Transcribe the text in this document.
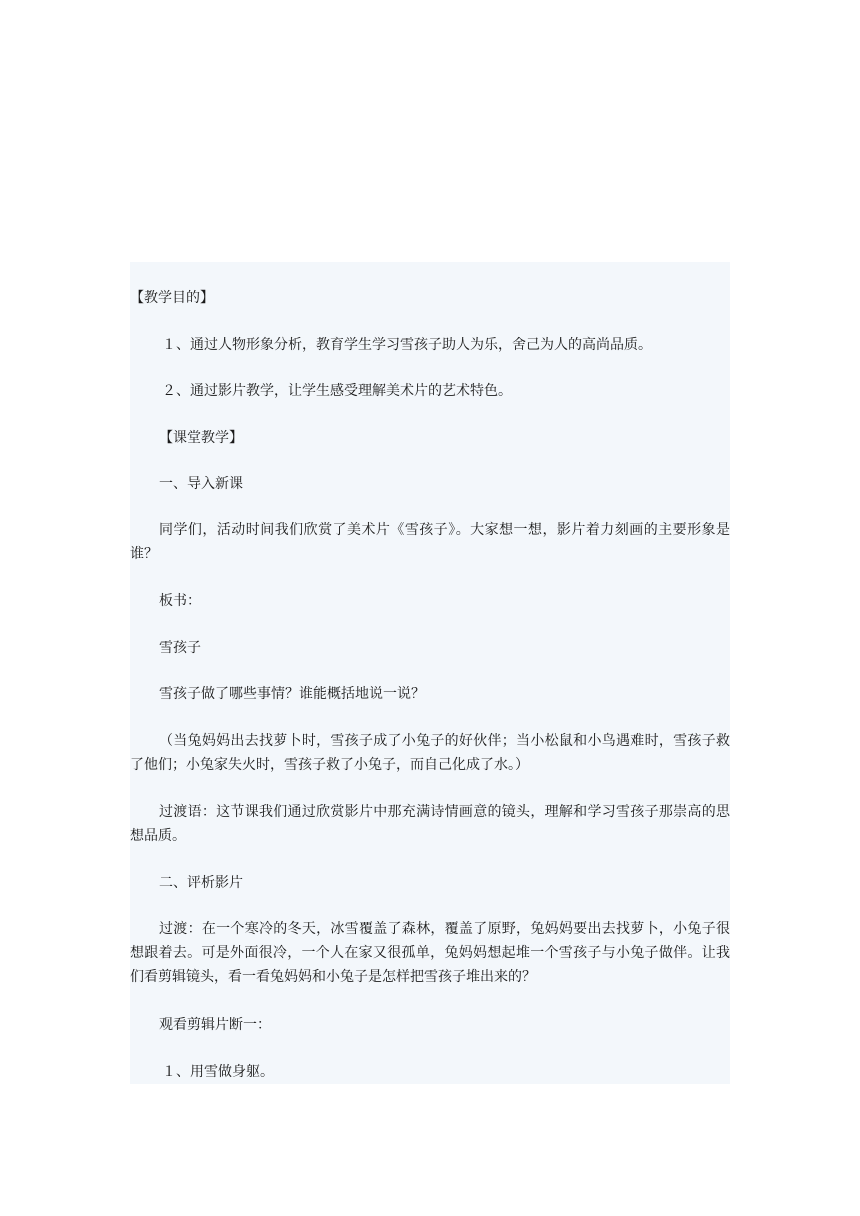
【教学目的】

１、通过人物形象分析，教育学生学习雪孩子助人为乐，舍己为人的高尚品质。

２、通过影片教学，让学生感受理解美术片的艺术特色。

【课堂教学】

一、导入新课

同学们，活动时间我们欣赏了美术片《雪孩子》。大家想一想，影片着力刻画的主要形象是谁？

板书：

雪孩子

雪孩子做了哪些事情？谁能概括地说一说？

（当兔妈妈出去找萝卜时，雪孩子成了小兔子的好伙伴；当小松鼠和小鸟遇难时，雪孩子救了他们；小兔家失火时，雪孩子救了小兔子，而自己化成了水。）

过渡语：这节课我们通过欣赏影片中那充满诗情画意的镜头，理解和学习雪孩子那崇高的思想品质。

二、评析影片

过渡：在一个寒冷的冬天，冰雪覆盖了森林，覆盖了原野，兔妈妈要出去找萝卜，小兔子很想跟着去。可是外面很冷，一个人在家又很孤单，兔妈妈想起堆一个雪孩子与小兔子做伴。让我们看剪辑镜头，看一看兔妈妈和小兔子是怎样把雪孩子堆出来的？

观看剪辑片断一：

１、用雪做身躯。
